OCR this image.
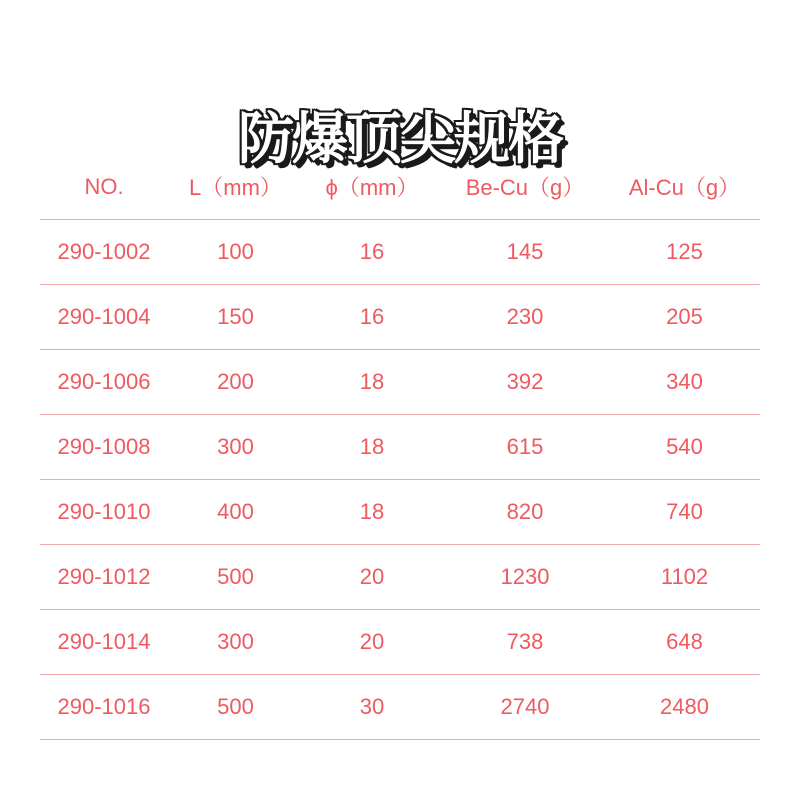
防爆顶尖规格
NO.	L（mm）	ϕ（mm）	Be-Cu（g）	Al-Cu（g）
290-1002	100	16	145	125
290-1004	150	16	230	205
290-1006	200	18	392	340
290-1008	300	18	615	540
290-1010	400	18	820	740
290-1012	500	20	1230	1102
290-1014	300	20	738	648
290-1016	500	30	2740	2480
